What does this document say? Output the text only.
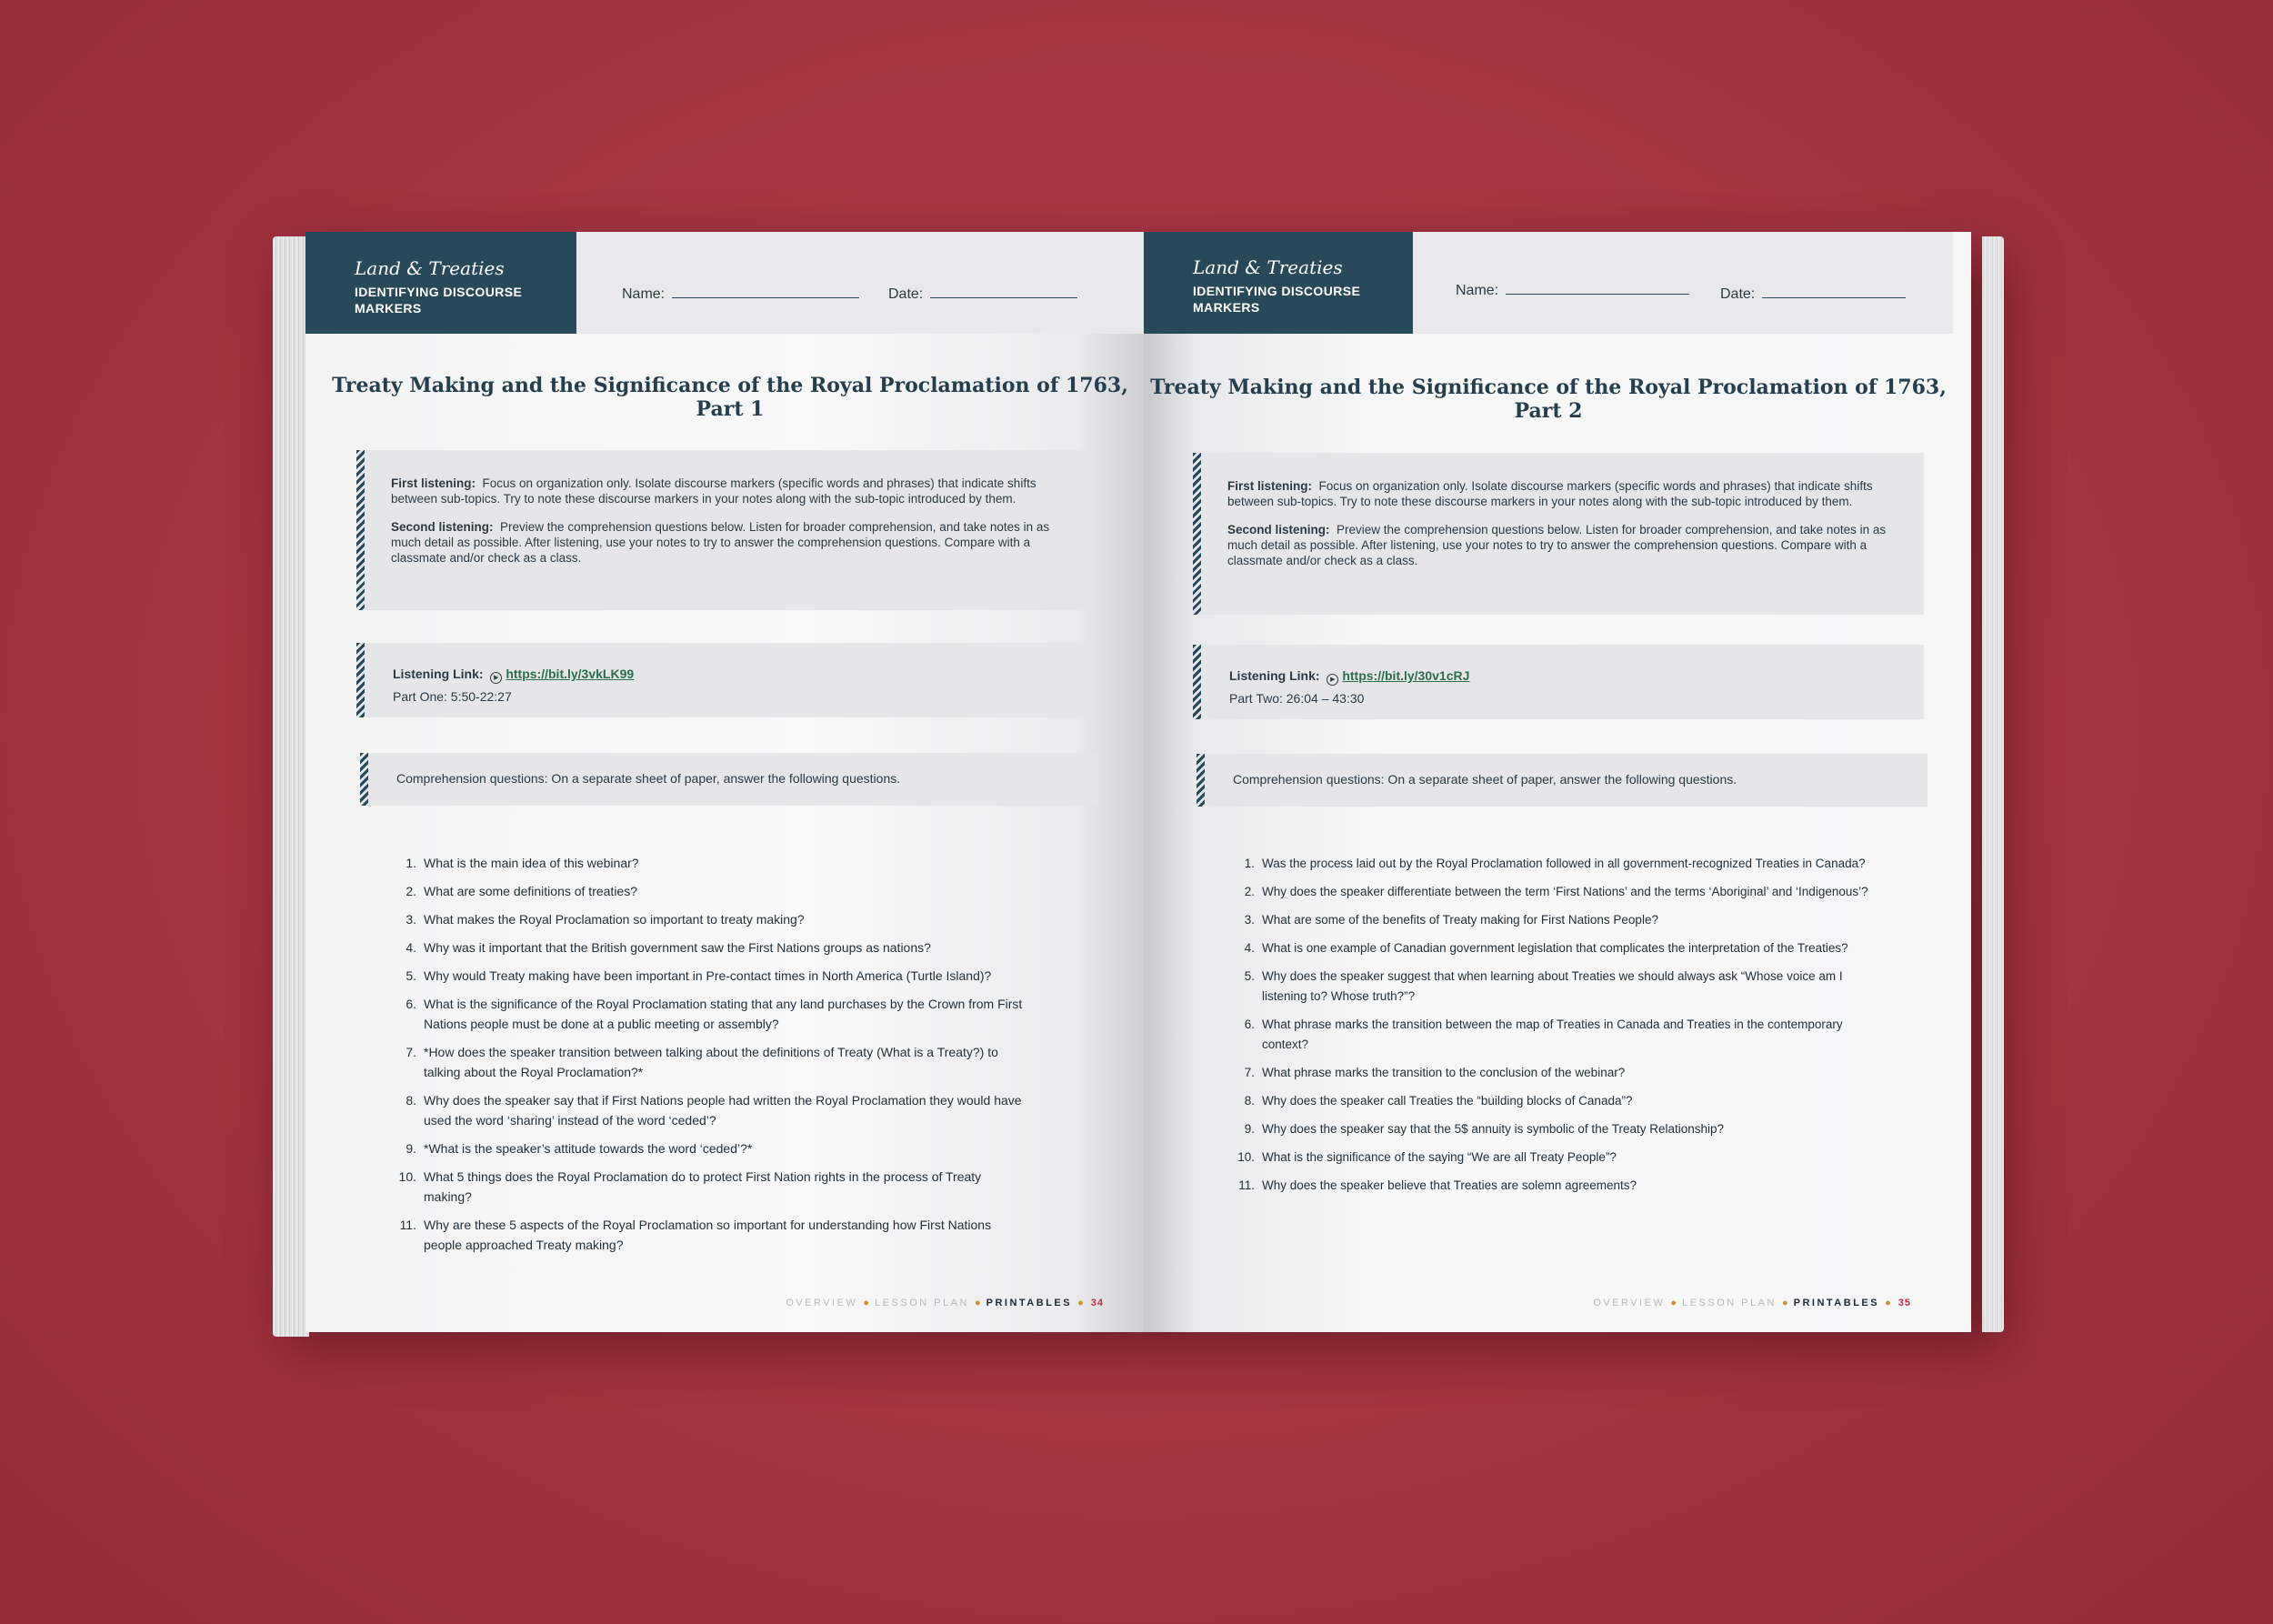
Land & Treaties
IDENTIFYING DISCOURSE MARKERS
Name:	Date:
Treaty Making and the Significance of the Royal Proclamation of 1763, Part 1

First listening: Focus on organization only. Isolate discourse markers (specific words and phrases) that indicate shifts between sub-topics. Try to note these discourse markers in your notes along with the sub-topic introduced by them.

Second listening: Preview the comprehension questions below. Listen for broader comprehension, and take notes in as much detail as possible. After listening, use your notes to try to answer the comprehension questions. Compare with a classmate and/or check as a class.

Listening Link: ▶ https://bit.ly/3vkLK99
Part One: 5:50-22:27
Comprehension questions: On a separate sheet of paper, answer the following questions.
1. What is the main idea of this webinar?
2. What are some definitions of treaties?
3. What makes the Royal Proclamation so important to treaty making?
4. Why was it important that the British government saw the First Nations groups as nations?
5. Why would Treaty making have been important in Pre-contact times in North America (Turtle Island)?
6. What is the significance of the Royal Proclamation stating that any land purchases by the Crown from First Nations people must be done at a public meeting or assembly?
7. *How does the speaker transition between talking about the definitions of Treaty (What is a Treaty?) to talking about the Royal Proclamation?*
8. Why does the speaker say that if First Nations people had written the Royal Proclamation they would have used the word ‘sharing’ instead of the word ‘ceded’?
9. *What is the speaker’s attitude towards the word ‘ceded’?*
10. What 5 things does the Royal Proclamation do to protect First Nation rights in the process of Treaty making?
11. Why are these 5 aspects of the Royal Proclamation so important for understanding how First Nations people approached Treaty making?
OVERVIEW ● LESSON PLAN ● PRINTABLES ● 34
Land & Treaties
IDENTIFYING DISCOURSE MARKERS
Name:	Date:
Treaty Making and the Significance of the Royal Proclamation of 1763, Part 2

First listening: Focus on organization only. Isolate discourse markers (specific words and phrases) that indicate shifts between sub-topics. Try to note these discourse markers in your notes along with the sub-topic introduced by them.

Second listening: Preview the comprehension questions below. Listen for broader comprehension, and take notes in as much detail as possible. After listening, use your notes to try to answer the comprehension questions. Compare with a classmate and/or check as a class.

Listening Link: ▶ https://bit.ly/30v1cRJ
Part Two: 26:04 – 43:30
Comprehension questions: On a separate sheet of paper, answer the following questions.
1. Was the process laid out by the Royal Proclamation followed in all government-recognized Treaties in Canada?
2. Why does the speaker differentiate between the term ‘First Nations’ and the terms ‘Aboriginal’ and ‘Indigenous’?
3. What are some of the benefits of Treaty making for First Nations People?
4. What is one example of Canadian government legislation that complicates the interpretation of the Treaties?
5. Why does the speaker suggest that when learning about Treaties we should always ask “Whose voice am I listening to? Whose truth?”?
6. What phrase marks the transition between the map of Treaties in Canada and Treaties in the contemporary context?
7. What phrase marks the transition to the conclusion of the webinar?
8. Why does the speaker call Treaties the “building blocks of Canada”?
9. Why does the speaker say that the 5$ annuity is symbolic of the Treaty Relationship?
10. What is the significance of the saying “We are all Treaty People”?
11. Why does the speaker believe that Treaties are solemn agreements?
OVERVIEW ● LESSON PLAN ● PRINTABLES ● 35
